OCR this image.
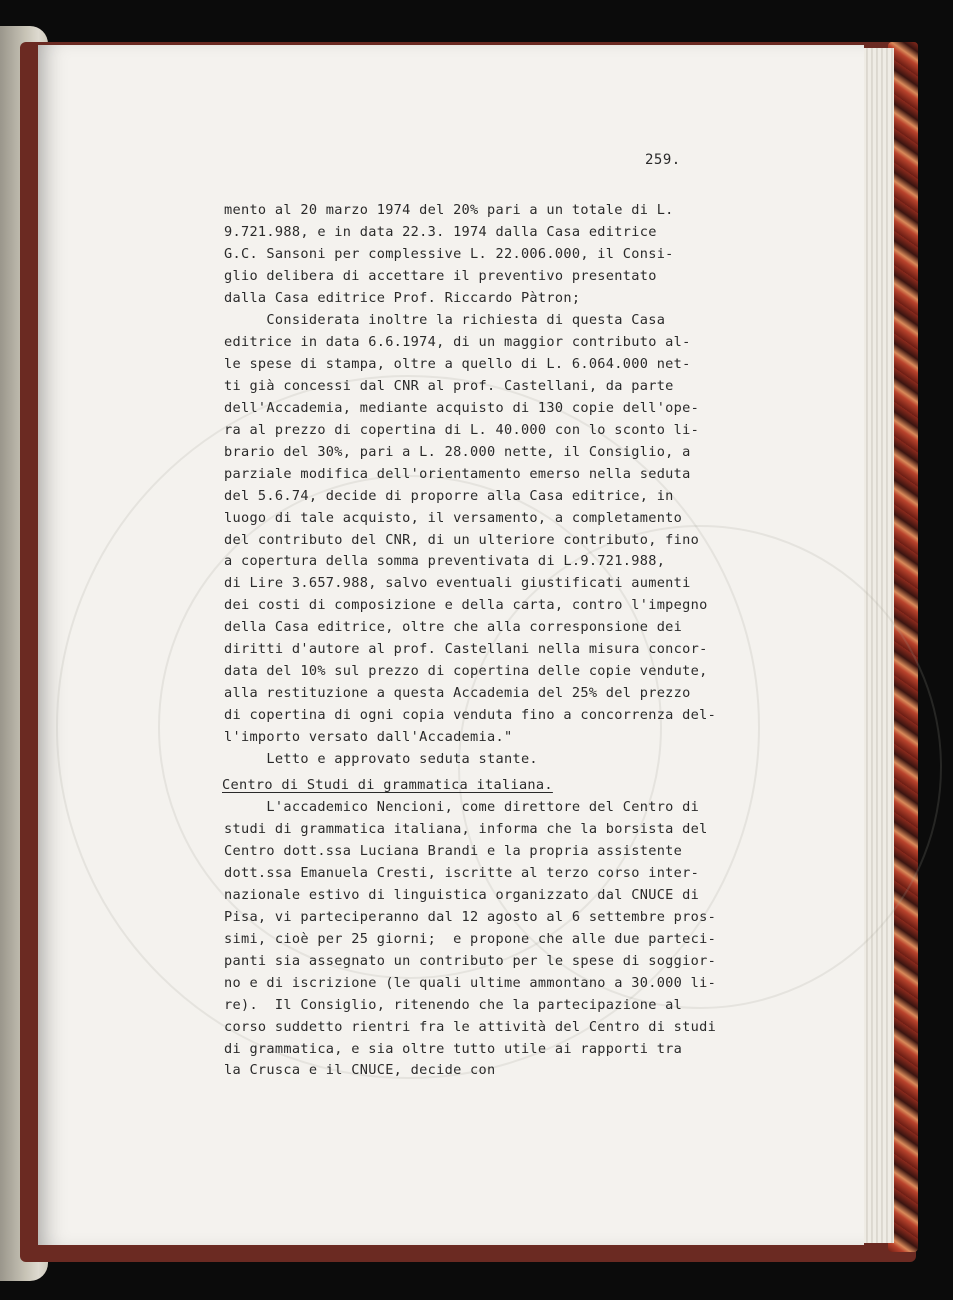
259.
mento al 20 marzo 1974 del 20% pari a un totale di L.
9.721.988, e in data 22.3. 1974 dalla Casa editrice
G.C. Sansoni per complessive L. 22.006.000, il Consi-
glio delibera di accettare il preventivo presentato
dalla Casa editrice Prof. Riccardo Pàtron;
Considerata inoltre la richiesta di questa Casa
editrice in data 6.6.1974, di un maggior contributo al-
le spese di stampa, oltre a quello di L. 6.064.000 net-
ti già concessi dal CNR al prof. Castellani, da parte
dell'Accademia, mediante acquisto di 130 copie dell'ope-
ra al prezzo di copertina di L. 40.000 con lo sconto li-
brario del 30%, pari a L. 28.000 nette, il Consiglio, a
parziale modifica dell'orientamento emerso nella seduta
del 5.6.74, decide di proporre alla Casa editrice, in
luogo di tale acquisto, il versamento, a completamento
del contributo del CNR, di un ulteriore contributo, fino
a copertura della somma preventivata di L.9.721.988,
di Lire 3.657.988, salvo eventuali giustificati aumenti
dei costi di composizione e della carta, contro l'impegno
della Casa editrice, oltre che alla corresponsione dei
diritti d'autore al prof. Castellani nella misura concor-
data del 10% sul prezzo di copertina delle copie vendute,
alla restituzione a questa Accademia del 25% del prezzo
di copertina di ogni copia venduta fino a concorrenza del-
l'importo versato dall'Accademia."
Letto e approvato seduta stante.
Centro di Studi di grammatica italiana.
L'accademico Nencioni, come direttore del Centro di
studi di grammatica italiana, informa che la borsista del
Centro dott.ssa Luciana Brandi e la propria assistente
dott.ssa Emanuela Cresti, iscritte al terzo corso inter-
nazionale estivo di linguistica organizzato dal CNUCE di
Pisa, vi parteciperanno dal 12 agosto al 6 settembre pros-
simi, cioè per 25 giorni;  e propone che alle due parteci-
panti sia assegnato un contributo per le spese di soggior-
no e di iscrizione (le quali ultime ammontano a 30.000 li-
re).  Il Consiglio, ritenendo che la partecipazione al
corso suddetto rientri fra le attività del Centro di studi
di grammatica, e sia oltre tutto utile ai rapporti tra
la Crusca e il CNUCE, decide con
